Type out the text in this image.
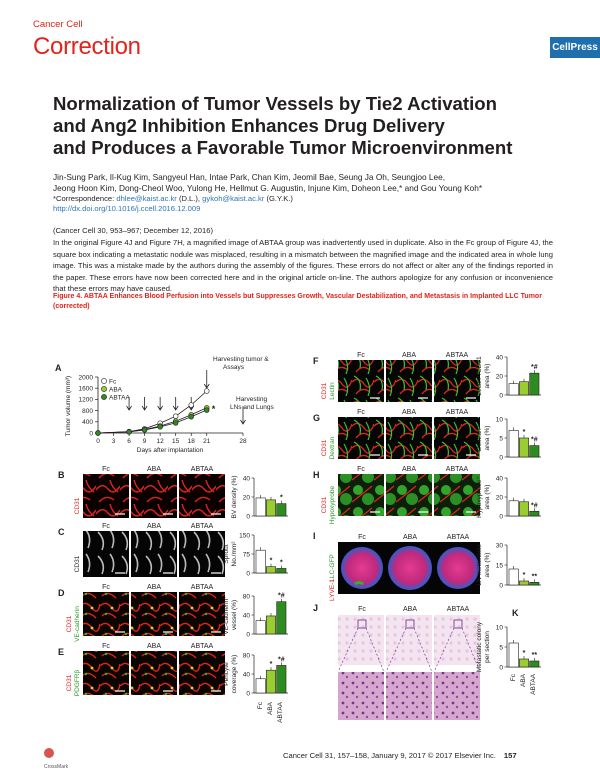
Cancer Cell
Correction	CellPress
Normalization of Tumor Vessels by Tie2 Activation
and Ang2 Inhibition Enhances Drug Delivery
and Produces a Favorable Tumor Microenvironment
Jin-Sung Park, Il-Kug Kim, Sangyeul Han, Intae Park, Chan Kim, Jeomil Bae, Seung Ja Oh, Seungjoo Lee,
Jeong Hoon Kim, Dong-Cheol Woo, Yulong He, Hellmut G. Augustin, Injune Kim, Doheon Lee,* and Gou Young Koh*
*Correspondence: dhlee@kaist.ac.kr (D.L.), gykoh@kaist.ac.kr (G.Y.K.)
http://dx.doi.org/10.1016/j.ccell.2016.12.009
(Cancer Cell 30, 953–967; December 12, 2016)
In the original Figure 4J and Figure 7H, a magnified image of ABTAA group was inadvertently used in duplicate. Also in the Fc group of Figure 4J, the square box indicating a metastatic nodule was misplaced, resulting in a mismatch between the magnified image and the indicated area in whole lung image. This was a mistake made by the authors during the assembly of the figures. These errors do not affect or alter any of the findings reported in the paper. These errors have now been corrected here and in the original article on-line. The authors apologize for any confusion or inconvenience that these errors may have caused.
Figure 4. ABTAA Enhances Blood Perfusion into Vessels but Suppresses Growth, Vascular Destabilization, and Metastasis in Implanted LLC Tumor (corrected)
A
0
400
800
1200
1600
2000
0 3 6 9 12 15 18 21	28
Days after implantation
Tumor volume (mm³)
Harvesting tumor &
Assays
Harvesting
LNs and Lungs
Fc
ABA
ABTAA
*
B
Fc	ABA	ABTAA
CD31
0
20
40
*
BV density (%)
C
Fc	ABA	ABTAA
CD31
0
75
150
* *
Sprout No./mm²
D
Fc	ABA	ABTAA
VE-cadherin
CD31
0
40
80	*#
VE-cadherin⁺ vessel (%)
E
Fc	ABA	ABTAA
PDGFRβ
CD31
0
40
80
*
*#
Pericyte coverage (%)
Fc ABA ABTAA
F
Fc	ABA	ABTAA
Lectin
CD31	0
20
40
*#
Lectin⁺/CD31 area (%)
G
Fc	ABA	ABTAA
Dextran
CD31
0
5
10
*
*#
Dextran⁺ area (%)
H
Fc	ABA	ABTAA
Hypoxyprobe
CD31
0
20
40
*#
Hypoxyprobe⁺ area (%)
I	Fc	ABA	ABTAA
LLC-GFP
LYVE-1	0
15
30
* **
LN metastasis area (%)
J	Fc	ABA	ABTAA	K
0
5
10
* **
Metastatic colony per section
Fc ABA ABTAA
CrossMark
Cancer Cell 31, 157–158, January 9, 2017 © 2017 Elsevier Inc. 157
